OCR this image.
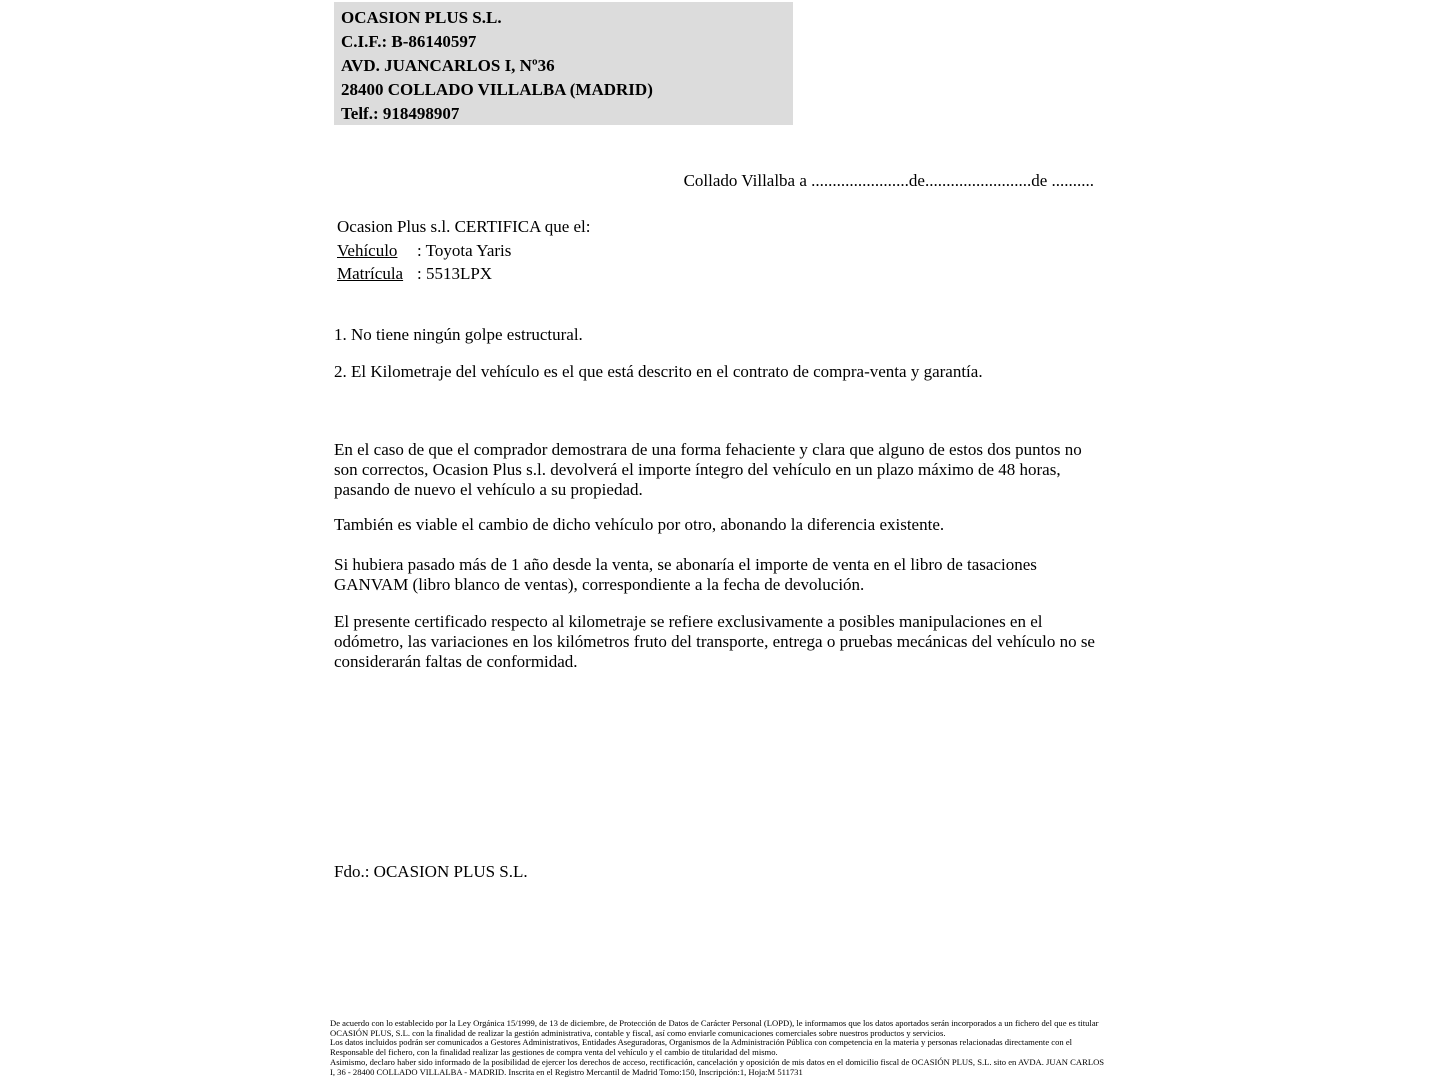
OCASION PLUS S.L.
C.I.F.: B-86140597
AVD. JUANCARLOS I, Nº36
28400 COLLADO VILLALBA (MADRID)
Telf.: 918498907
Collado Villalba a .......................de.........................de ..........
Ocasion Plus s.l. CERTIFICA que el:
Vehículo : Toyota Yaris
Matrícula : 5513LPX
1. No tiene ningún golpe estructural.
2. El Kilometraje del vehículo es el que está descrito en el contrato de compra-venta y garantía.
En el caso de que el comprador demostrara de una forma fehaciente y clara que alguno de estos dos puntos no son correctos, Ocasion Plus s.l. devolverá el importe íntegro del vehículo en un plazo máximo de 48 horas, pasando de nuevo el vehículo a su propiedad.
También es viable el cambio de dicho vehículo por otro, abonando la diferencia existente.
Si hubiera pasado más de 1 año desde la venta, se abonaría el importe de venta en el libro de tasaciones GANVAM (libro blanco de ventas), correspondiente a la fecha de devolución.
El presente certificado respecto al kilometraje se refiere exclusivamente a posibles manipulaciones en el odómetro, las variaciones en los kilómetros fruto del transporte, entrega o pruebas mecánicas del vehículo no se considerarán faltas de conformidad.
Fdo.: OCASION PLUS S.L.
De acuerdo con lo establecido por la Ley Orgánica 15/1999, de 13 de diciembre, de Protección de Datos de Carácter Personal (LOPD), le informamos que los datos aportados serán incorporados a un fichero del que es titular OCASIÓN PLUS, S.L. con la finalidad de realizar la gestión administrativa, contable y fiscal, así como enviarle comunicaciones comerciales sobre nuestros productos y servicios.
Los datos incluidos podrán ser comunicados a Gestores Administrativos, Entidades Aseguradoras, Organismos de la Administración Pública con competencia en la materia y personas relacionadas directamente con el Responsable del fichero, con la finalidad realizar las gestiones de compra venta del vehículo y el cambio de titularidad del mismo.
Asimismo, declaro haber sido informado de la posibilidad de ejercer los derechos de acceso, rectificación, cancelación y oposición de mis datos en el domicilio fiscal de OCASIÓN PLUS, S.L. sito en AVDA. JUAN CARLOS I, 36 - 28400 COLLADO VILLALBA - MADRID. Inscrita en el Registro Mercantil de Madrid Tomo:150, Inscripción:1, Hoja:M 511731
